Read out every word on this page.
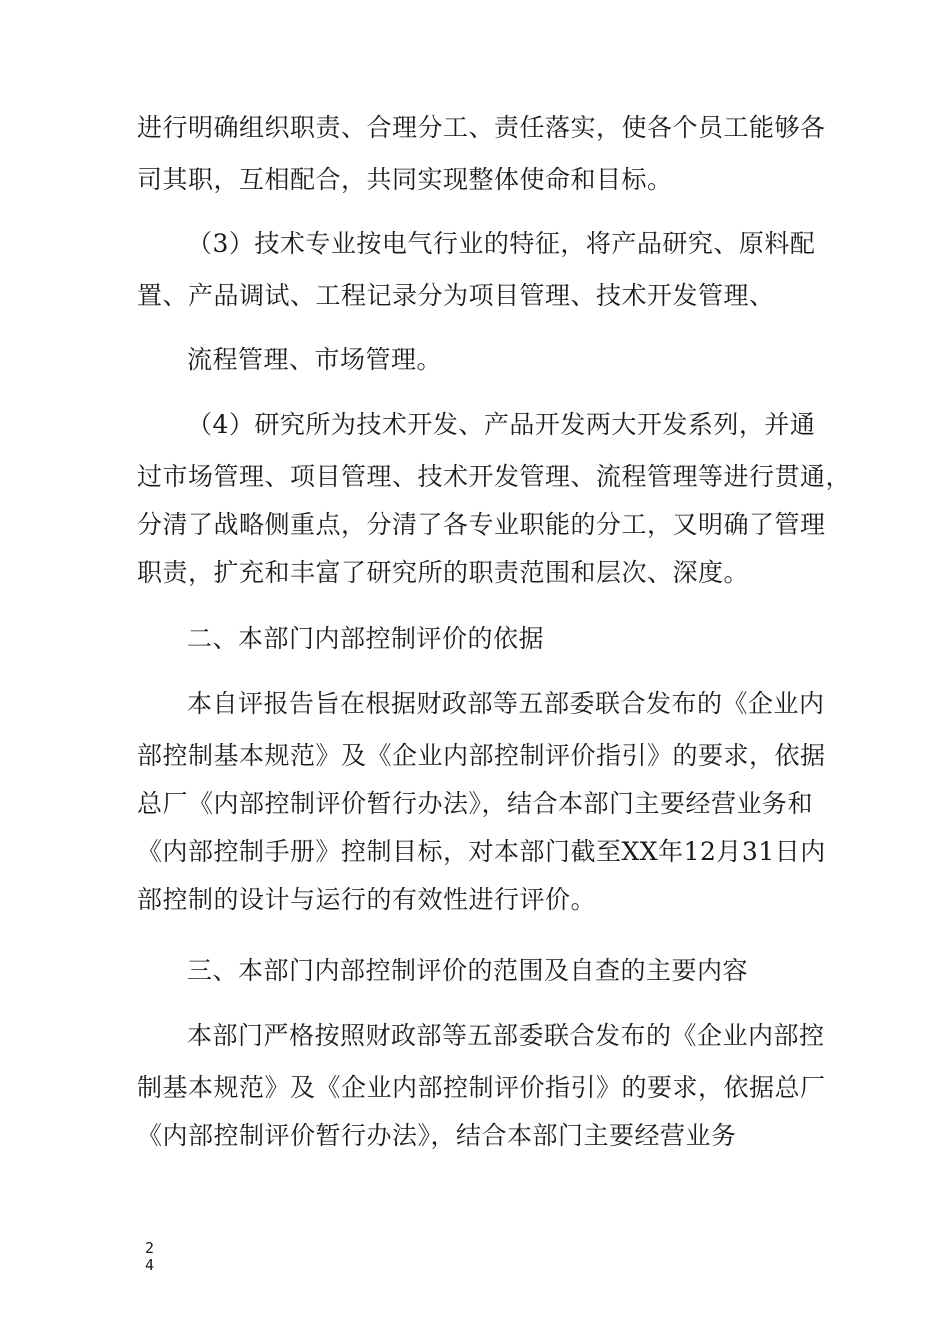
进行明确组织职责、合理分工、责任落实，使各个员工能够各
司其职，互相配合，共同实现整体使命和目标。
（3）技术专业按电气行业的特征，将产品研究、原料配
置、产品调试、工程记录分为项目管理、技术开发管理、
流程管理、市场管理。
（4）研究所为技术开发、产品开发两大开发系列，并通
过市场管理、项目管理、技术开发管理、流程管理等进行贯通，
分清了战略侧重点，分清了各专业职能的分工，又明确了管理
职责，扩充和丰富了研究所的职责范围和层次、深度。
二、本部门内部控制评价的依据
本自评报告旨在根据财政部等五部委联合发布的《企业内
部控制基本规范》及《企业内部控制评价指引》的要求，依据
总厂《内部控制评价暂行办法》，结合本部门主要经营业务和
《内部控制手册》控制目标，对本部门截至XX年12月31日内
部控制的设计与运行的有效性进行评价。
三、本部门内部控制评价的范围及自查的主要内容
本部门严格按照财政部等五部委联合发布的《企业内部控
制基本规范》及《企业内部控制评价指引》的要求，依据总厂
《内部控制评价暂行办法》，结合本部门主要经营业务
24
